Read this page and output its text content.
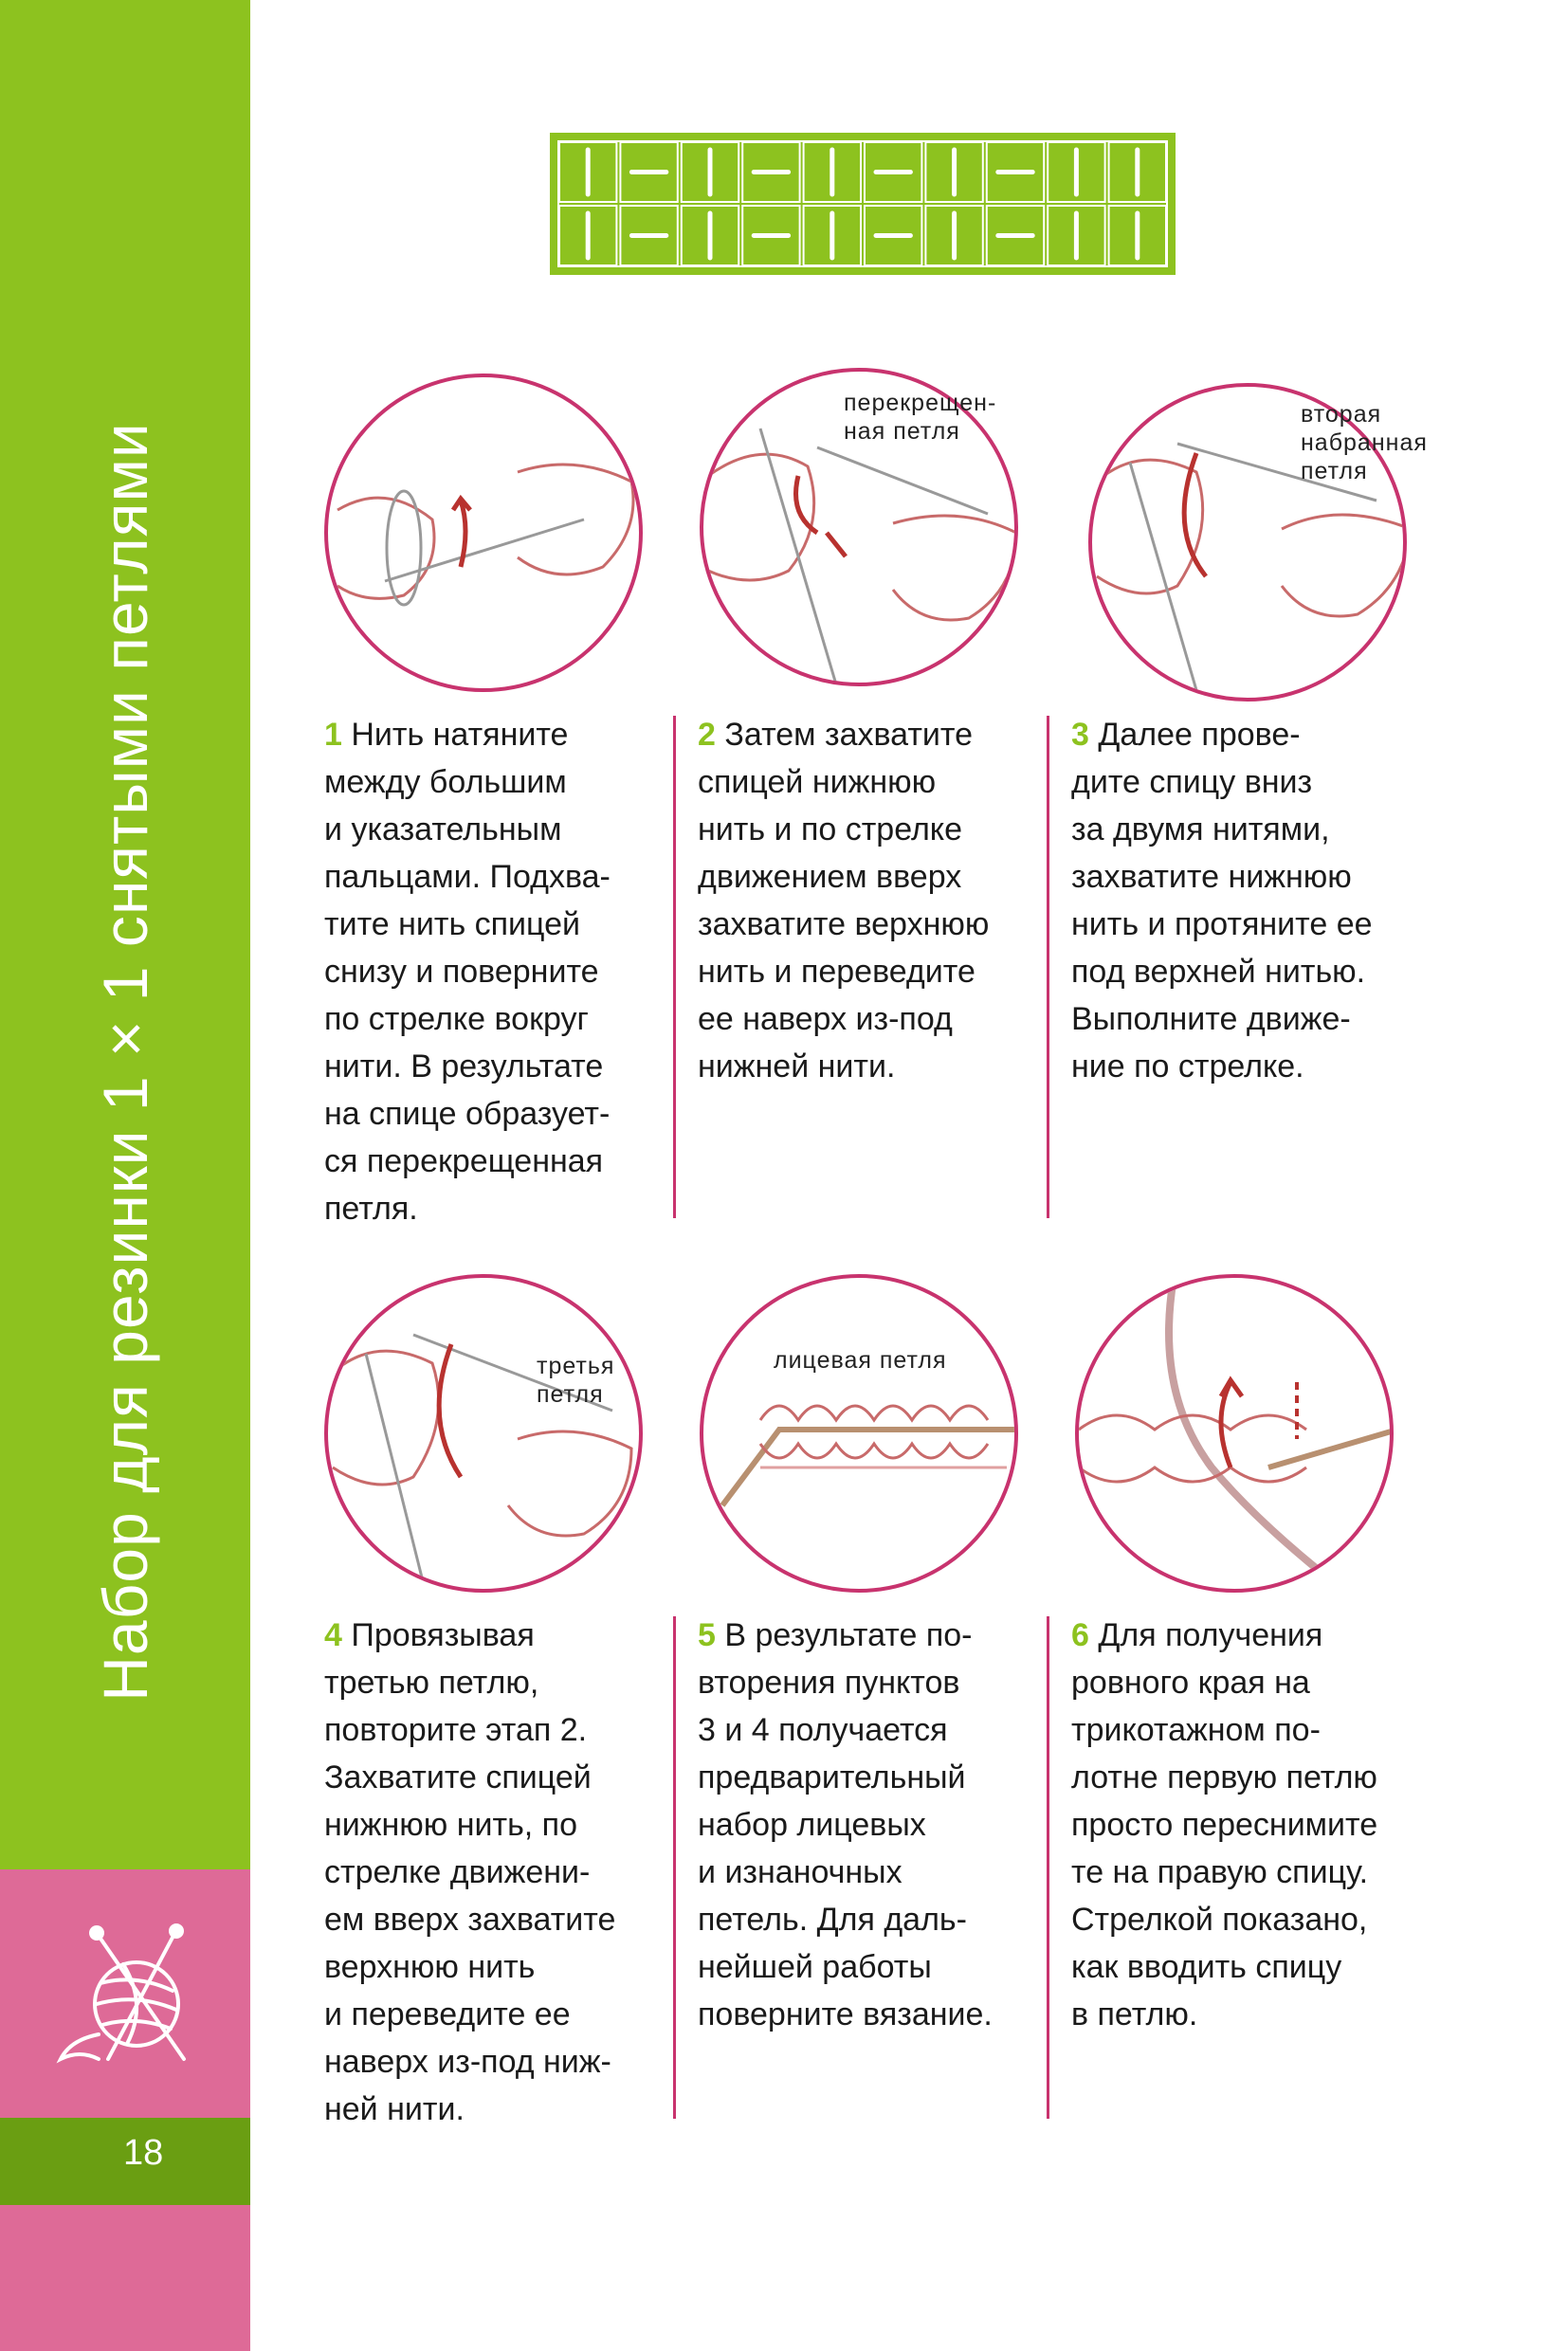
Набор для резинки 1 × 1 снятыми петлями
18
1 Нить натяните
между большим
и указательным
пальцами. Подхва-
тите нить спицей
снизу и поверните
по стрелке вокруг
нити. В результате
на спице образует-
ся перекрещенная
петля.
перекрещен-
ная петля
2 Затем захватите
спицей нижнюю
нить и по стрелке
движением вверх
захватите верхнюю
нить и переведите
ее наверх из-под
нижней нити.
вторая
набранная
петля
3 Далее прове-
дите спицу вниз
за двумя нитями,
захватите нижнюю
нить и протяните ее
под верхней нитью.
Выполните движе-
ние по стрелке.
третья
петля
4 Провязывая
третью петлю,
повторите этап 2.
Захватите спицей
нижнюю нить, по
стрелке движени-
ем вверх захватите
верхнюю нить
и переведите ее
наверх из-под ниж-
ней нити.
лицевая петля
5 В результате по-
вторения пунктов
3 и 4 получается
предварительный
набор лицевых
и изнаночных
петель. Для даль-
нейшей работы
поверните вязание.
6 Для получения
ровного края на
трикотажном по-
лотне первую петлю
просто переснимите
те на правую спицу.
Стрелкой показано,
как вводить спицу
в петлю.
